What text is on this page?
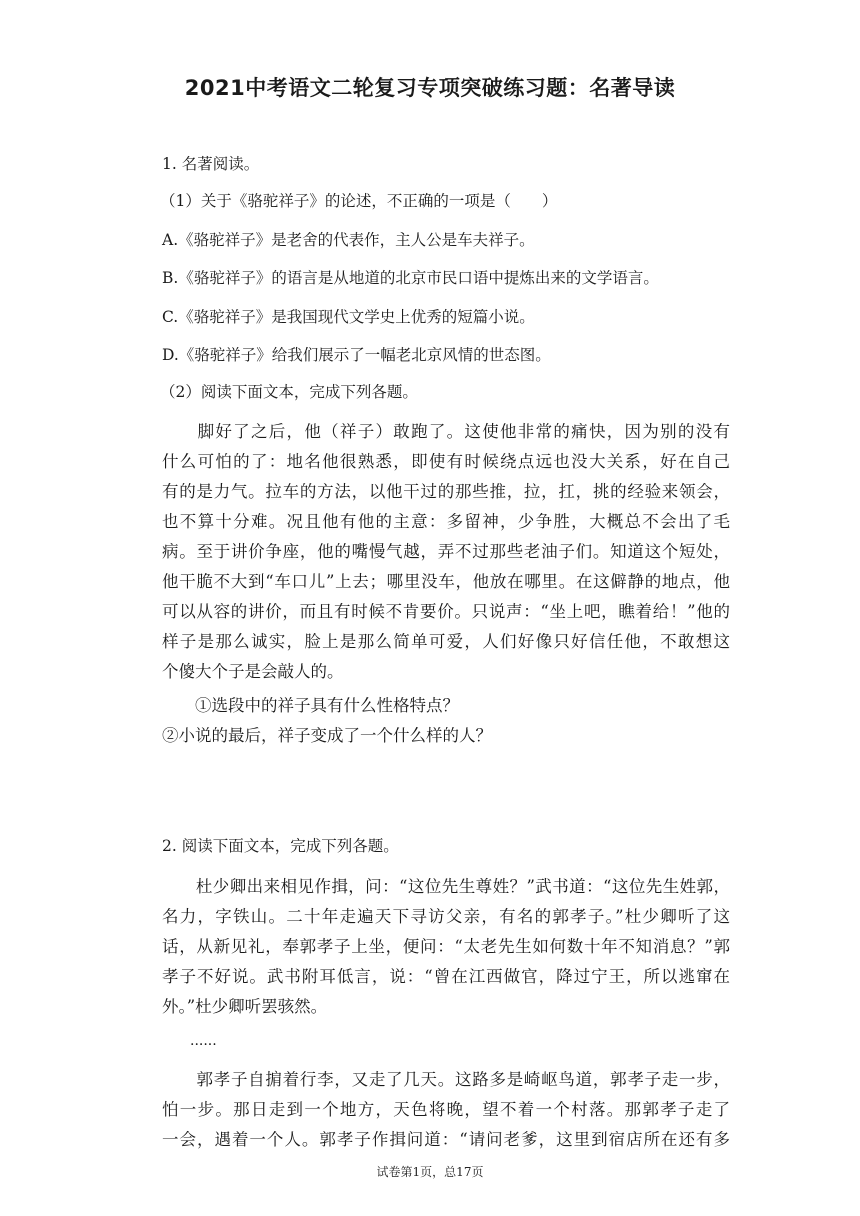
2021中考语文二轮复习专项突破练习题：名著导读
1. 名著阅读。
（1）关于《骆驼祥子》的论述，不正确的一项是（　　）
A.《骆驼祥子》是老舍的代表作，主人公是车夫祥子。
B.《骆驼祥子》的语言是从地道的北京市民口语中提炼出来的文学语言。
C.《骆驼祥子》是我国现代文学史上优秀的短篇小说。
D.《骆驼祥子》给我们展示了一幅老北京风情的世态图。
（2）阅读下面文本，完成下列各题。
　　脚好了之后，他（祥子）敢跑了。这使他非常的痛快，因为别的没有
什么可怕的了：地名他很熟悉，即使有时候绕点远也没大关系，好在自己
有的是力气。拉车的方法，以他干过的那些推，拉，扛，挑的经验来领会，
也不算十分难。况且他有他的主意：多留神，少争胜，大概总不会出了毛
病。至于讲价争座，他的嘴慢气越，弄不过那些老油子们。知道这个短处，
他干脆不大到“车口儿”上去；哪里没车，他放在哪里。在这僻静的地点，他
可以从容的讲价，而且有时候不肯要价。只说声：“坐上吧，瞧着给！”他的
样子是那么诚实，脸上是那么简单可爱，人们好像只好信任他，不敢想这
个傻大个子是会敲人的。
　　①选段中的祥子具有什么性格特点？
②小说的最后，祥子变成了一个什么样的人？
2. 阅读下面文本，完成下列各题。
　　杜少卿出来相见作揖，问：“这位先生尊姓？”武书道：“这位先生姓郭，
名力，字铁山。二十年走遍天下寻访父亲，有名的郭孝子。”杜少卿听了这
话，从新见礼，奉郭孝子上坐，便问：“太老先生如何数十年不知消息？”郭
孝子不好说。武书附耳低言，说：“曾在江西做官，降过宁王，所以逃窜在
外。”杜少卿听罢骇然。
　　......
　　郭孝子自掮着行李，又走了几天。这路多是崎岖鸟道，郭孝子走一步，
怕一步。那日走到一个地方，天色将晚，望不着一个村落。那郭孝子走了
一会，遇着一个人。郭孝子作揖问道：“请问老爹，这里到宿店所在还有多
试卷第1页，总17页
